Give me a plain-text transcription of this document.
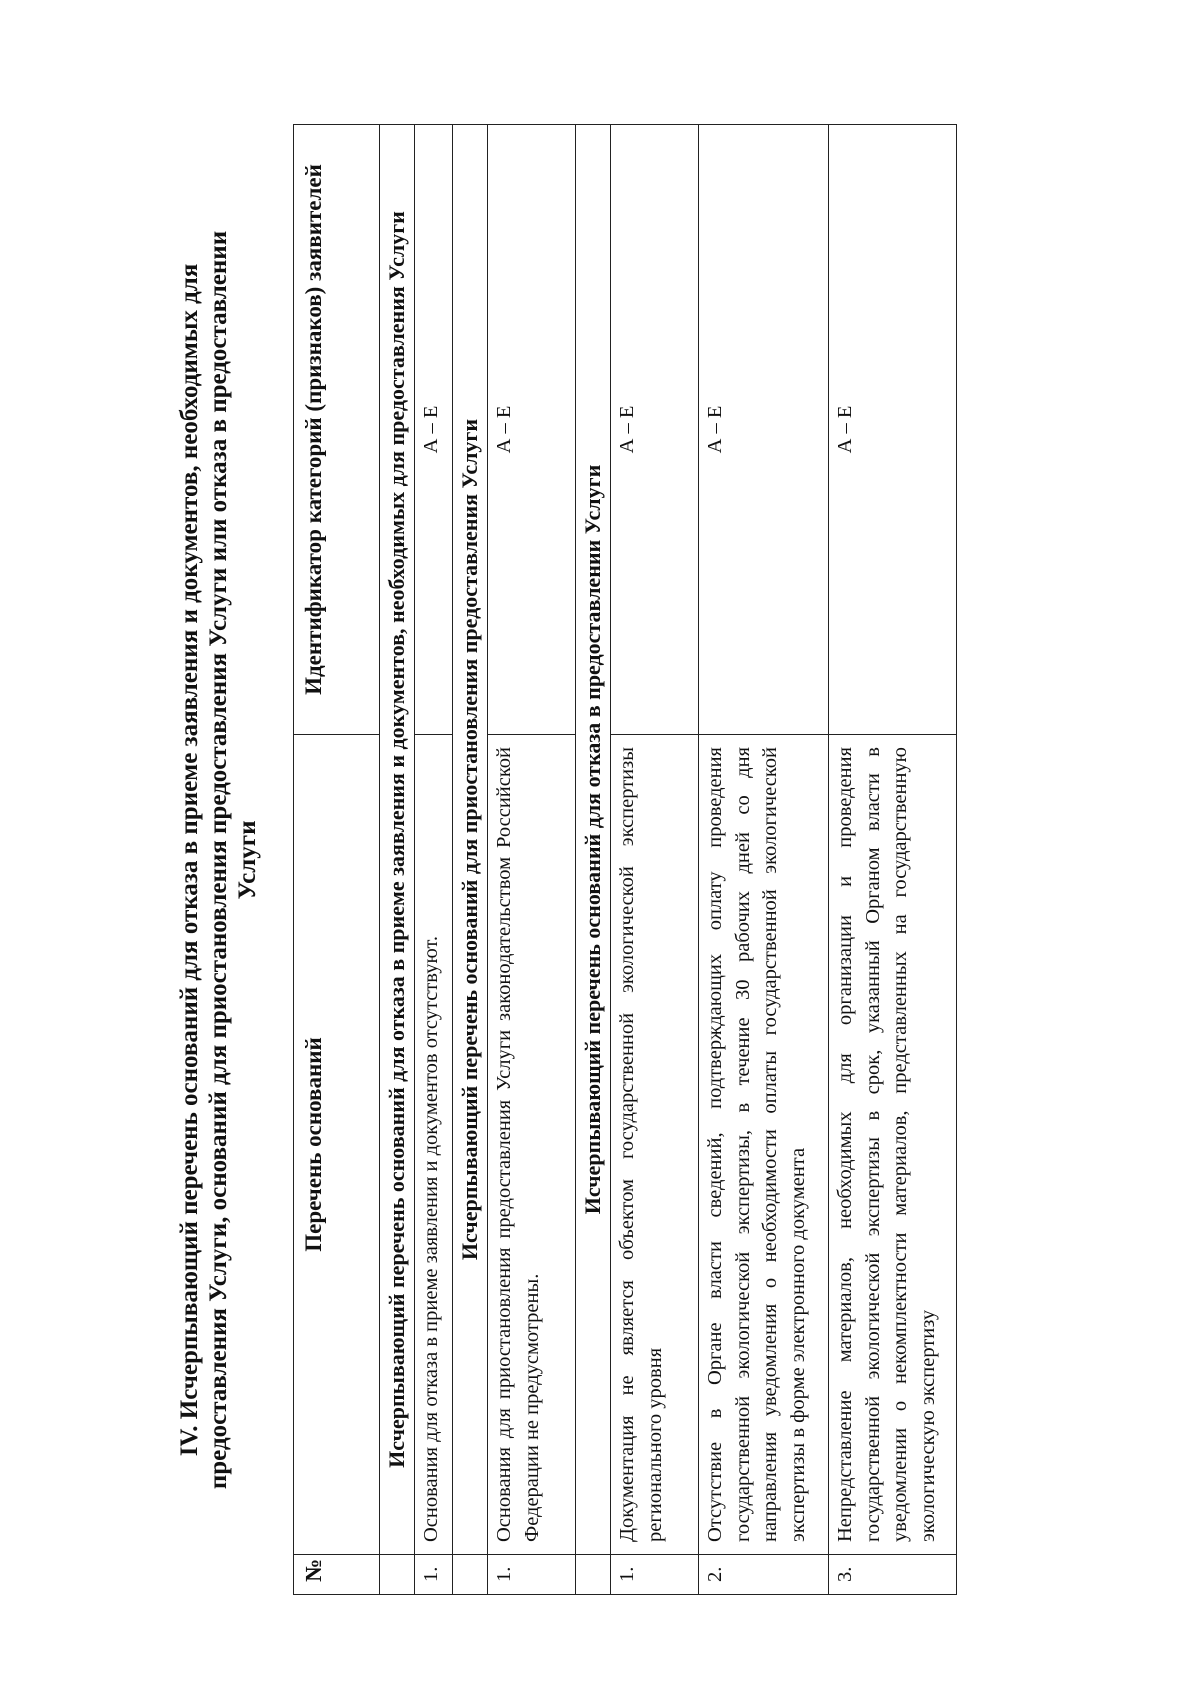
IV. Исчерпывающий перечень оснований для отказа в приеме заявления и документов, необходимых для предоставления Услуги, оснований для приостановления предоставления Услуги или отказа в предоставлении Услуги
№	Перечень оснований	Идентификатор категорий (признаков) заявителей
	Исчерпывающий перечень оснований для отказа в приеме заявления и документов, необходимых для предоставления Услуги	
1.	Основания для отказа в приеме заявления и документов отсутствуют.	А – Е
	Исчерпывающий перечень оснований для приостановления предоставления Услуги	
1.	Основания для приостановления предоставления Услуги законодательством Российской Федерации не предусмотрены.	А – Е
	Исчерпывающий перечень оснований для отказа в предоставлении Услуги	
1.	Документация не является объектом государственной экологической экспертизы регионального уровня	А – Е
2.	Отсутствие в Органе власти сведений, подтверждающих оплату проведения государственной экологической экспертизы, в течение 30 рабочих дней со дня направления уведомления о необходимости оплаты государственной экологической экспертизы в форме электронного документа	А – Е
3.	Непредставление материалов, необходимых для организации и проведения государственной экологической экспертизы в срок, указанный Органом власти в уведомлении о некомплектности материалов, представленных на государственную экологическую экспертизу	А – Е
